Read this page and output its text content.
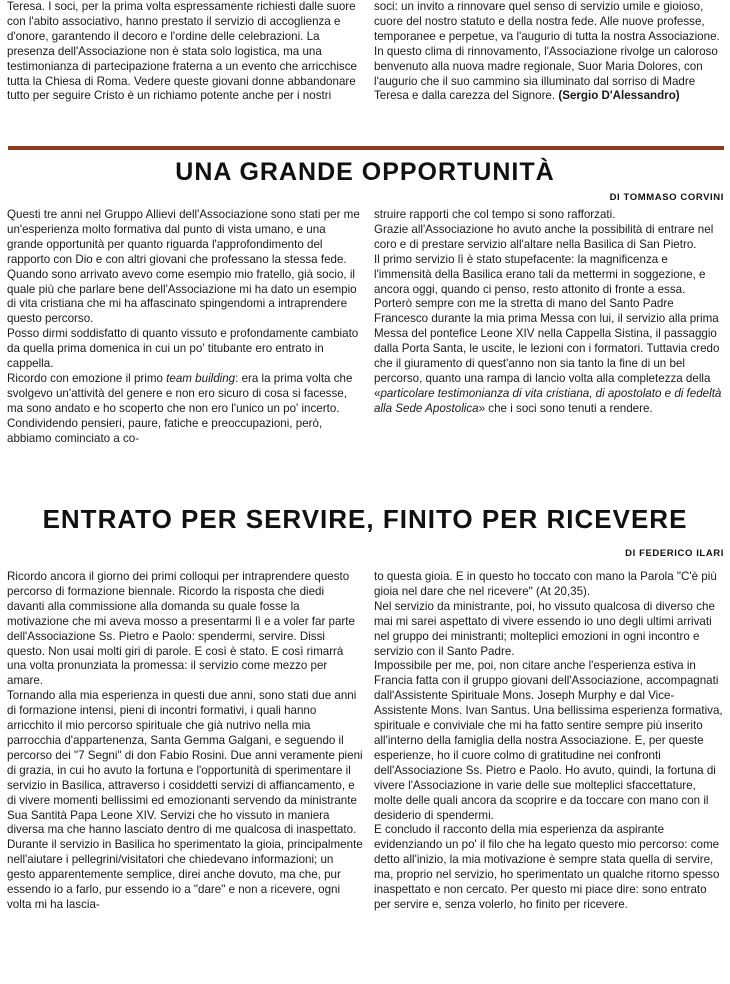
Teresa. I soci, per la prima volta espressamente richiesti dalle suore con l'abito associativo, hanno prestato il servizio di accoglienza e d'onore, garantendo il decoro e l'ordine delle celebrazioni. La presenza dell'Associazione non è stata solo logistica, ma una testimonianza di partecipazione fraterna a un evento che arricchisce tutta la Chiesa di Roma. Vedere queste giovani donne abbandonare tutto per seguire Cristo è un richiamo potente anche per i nostri

soci: un invito a rinnovare quel senso di servizio umile e gioioso, cuore del nostro statuto e della nostra fede. Alle nuove professe, temporanee e perpetue, va l'augurio di tutta la nostra Associazione. In questo clima di rinnovamento, l'Associazione rivolge un caloroso benvenuto alla nuova madre regionale, Suor Maria Dolores, con l'augurio che il suo cammino sia illuminato dal sorriso di Madre Teresa e dalla carezza del Signore. (Sergio D'Alessandro)

UNA GRANDE OPPORTUNITÀ
DI TOMMASO CORVINI

Questi tre anni nel Gruppo Allievi dell'Associazione sono stati per me un'esperienza molto formativa dal punto di vista umano, e una grande opportunità per quanto riguarda l'approfondimento del rapporto con Dio e con altri giovani che professano la stessa fede.

Quando sono arrivato avevo come esempio mio fratello, già socio, il quale più che parlare bene dell'Associazione mi ha dato un esempio di vita cristiana che mi ha affascinato spingendomi a intraprendere questo percorso.

Posso dirmi soddisfatto di quanto vissuto e profondamente cambiato da quella prima domenica in cui un po' titubante ero entrato in cappella.

Ricordo con emozione il primo team building: era la prima volta che svolgevo un'attività del genere e non ero sicuro di cosa si facesse, ma sono andato e ho scoperto che non ero l'unico un po' incerto. Condividendo pensieri, paure, fatiche e preoccupazioni, però, abbiamo cominciato a co-

struire rapporti che col tempo si sono rafforzati.

Grazie all'Associazione ho avuto anche la possibilità di entrare nel coro e di prestare servizio all'altare nella Basilica di San Pietro.

Il primo servizio lì è stato stupefacente: la magnificenza e l'immensità della Basilica erano tali da mettermi in soggezione, e ancora oggi, quando ci penso, resto attonito di fronte a essa.

Porterò sempre con me la stretta di mano del Santo Padre Francesco durante la mia prima Messa con lui, il servizio alla prima Messa del pontefice Leone XIV nella Cappella Sistina, il passaggio dalla Porta Santa, le uscite, le lezioni con i formatori. Tuttavia credo che il giuramento di quest'anno non sia tanto la fine di un bel percorso, quanto una rampa di lancio volta alla completezza della «particolare testimonianza di vita cristiana, di apostolato e di fedeltà alla Sede Apostolica» che i soci sono tenuti a rendere.

ENTRATO PER SERVIRE, FINITO PER RICEVERE
DI FEDERICO ILARI

Ricordo ancora il giorno dei primi colloqui per intraprendere questo percorso di formazione biennale. Ricordo la risposta che diedi davanti alla commissione alla domanda su quale fosse la motivazione che mi aveva mosso a presentarmi lì e a voler far parte dell'Associazione Ss. Pietro e Paolo: spendermi, servire. Dissi questo. Non usai molti giri di parole. E così è stato. E così rimarrà una volta pronunziata la promessa: il servizio come mezzo per amare.

Tornando alla mia esperienza in questi due anni, sono stati due anni di formazione intensi, pieni di incontri formativi, i quali hanno arricchito il mio percorso spirituale che già nutrivo nella mia parrocchia d'appartenenza, Santa Gemma Galgani, e seguendo il percorso dei "7 Segni" di don Fabio Rosini. Due anni veramente pieni di grazia, in cui ho avuto la fortuna e l'opportunità di sperimentare il servizio in Basilica, attraverso i cosiddetti servizi di affiancamento, e di vivere momenti bellissimi ed emozionanti servendo da ministrante Sua Santità Papa Leone XIV. Servizi che ho vissuto in maniera diversa ma che hanno lasciato dentro di me qualcosa di inaspettato.

Durante il servizio in Basilica ho sperimentato la gioia, principalmente nell'aiutare i pellegrini/visitatori che chiedevano informazioni; un gesto apparentemente semplice, direi anche dovuto, ma che, pur essendo io a farlo, pur essendo io a "dare" e non a ricevere, ogni volta mi ha lascia-

to questa gioia. E in questo ho toccato con mano la Parola "C'è più gioia nel dare che nel ricevere" (At 20,35).

Nel servizio da ministrante, poi, ho vissuto qualcosa di diverso che mai mi sarei aspettato di vivere essendo io uno degli ultimi arrivati nel gruppo dei ministranti; molteplici emozioni in ogni incontro e servizio con il Santo Padre.

Impossibile per me, poi, non citare anche l'esperienza estiva in Francia fatta con il gruppo giovani dell'Associazione, accompagnati dall'Assistente Spirituale Mons. Joseph Murphy e dal Vice-Assistente Mons. Ivan Santus. Una bellissima esperienza formativa, spirituale e conviviale che mi ha fatto sentire sempre più inserito all'interno della famiglia della nostra Associazione. E, per queste esperienze, ho il cuore colmo di gratitudine nei confronti dell'Associazione Ss. Pietro e Paolo. Ho avuto, quindi, la fortuna di vivere l'Associazione in varie delle sue molteplici sfaccettature, molte delle quali ancora da scoprire e da toccare con mano con il desiderio di spendermi.

E concludo il racconto della mia esperienza da aspirante evidenziando un po' il filo che ha legato questo mio percorso: come detto all'inizio, la mia motivazione è sempre stata quella di servire, ma, proprio nel servizio, ho sperimentato un qualche ritorno spesso inaspettato e non cercato. Per questo mi piace dire: sono entrato per servire e, senza volerlo, ho finito per ricevere.
